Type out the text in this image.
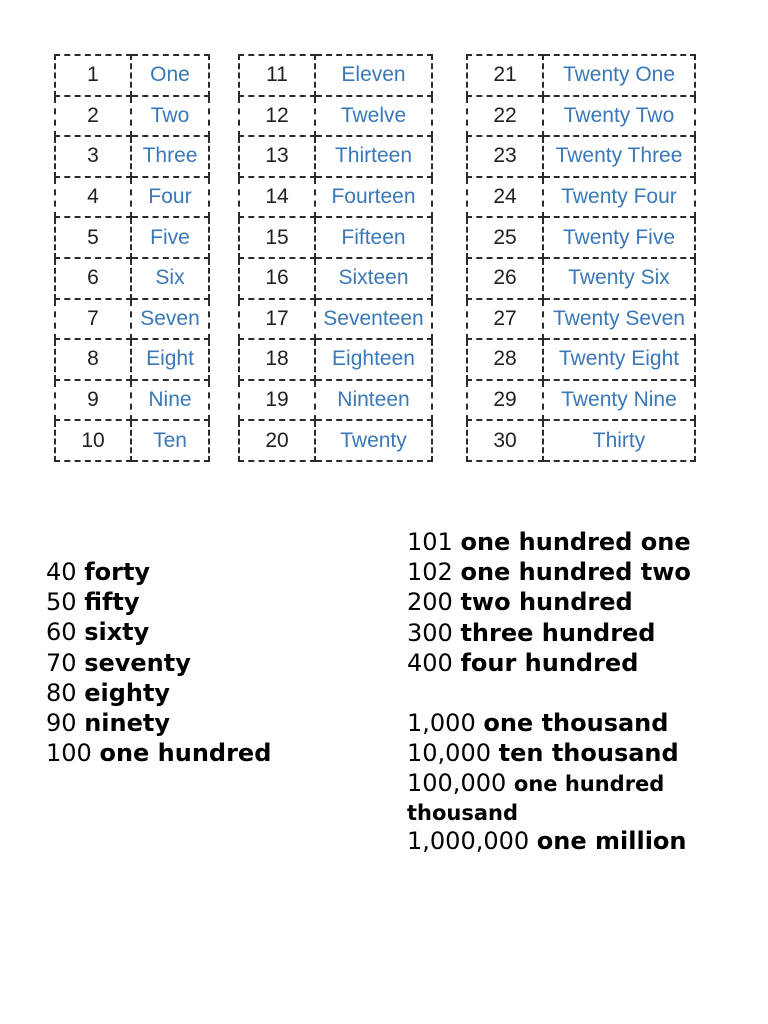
1	One
2	Two
3	Three
4	Four
5	Five
6	Six
7	Seven
8	Eight
9	Nine
10	Ten
11	Eleven
12	Twelve
13	Thirteen
14	Fourteen
15	Fifteen
16	Sixteen
17	Seventeen
18	Eighteen
19	Ninteen
20	Twenty
21	Twenty One
22	Twenty Two
23	Twenty Three
24	Twenty Four
25	Twenty Five
26	Twenty Six
27	Twenty Seven
28	Twenty Eight
29	Twenty Nine
30	Thirty
40 forty
50 fifty
60 sixty
70 seventy
80 eighty
90 ninety
100 one hundred
101 one hundred one
102 one hundred two
200 two hundred
300 three hundred
400 four hundred
1,000 one thousand
10,000 ten thousand
100,000 one hundred
thousand
1,000,000 one million
